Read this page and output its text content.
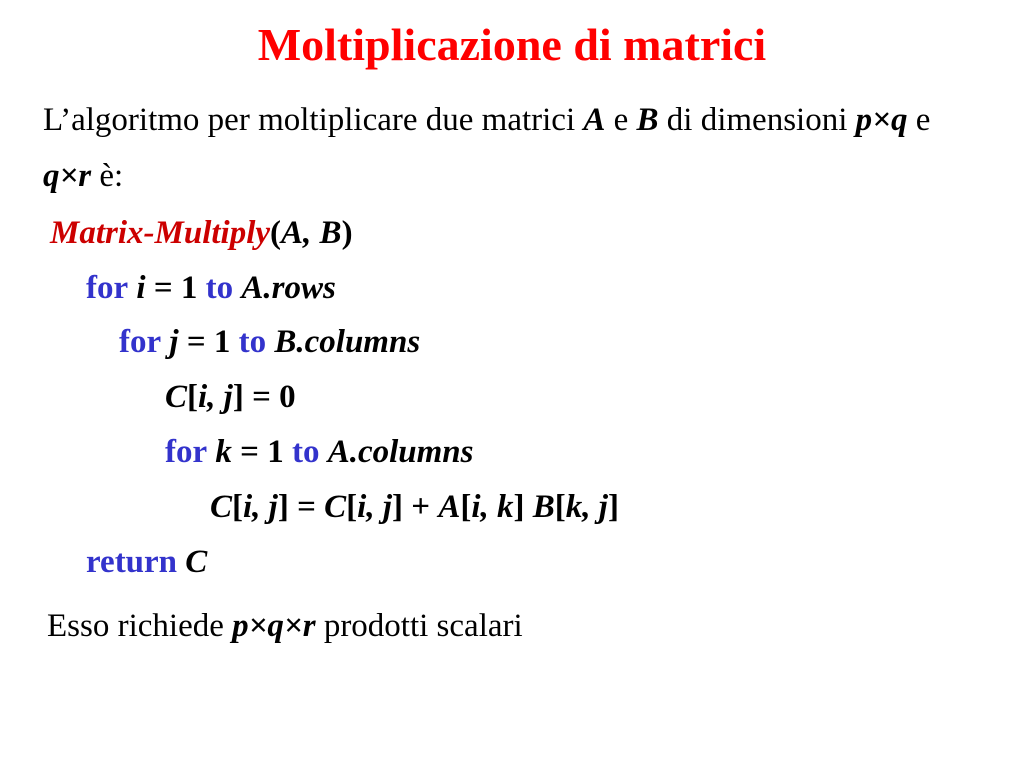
Moltiplicazione di matrici
L’algoritmo per moltiplicare due matrici A e B di dimensioni p×q e q×r è:
Matrix-Multiply(A, B)
for i = 1 to A.rows
for j = 1 to B.columns
C[i, j] = 0
for k = 1 to A.columns
C[i, j] = C[i, j] + A[i, k] B[k, j]
return C
Esso richiede p×q×r prodotti scalari
